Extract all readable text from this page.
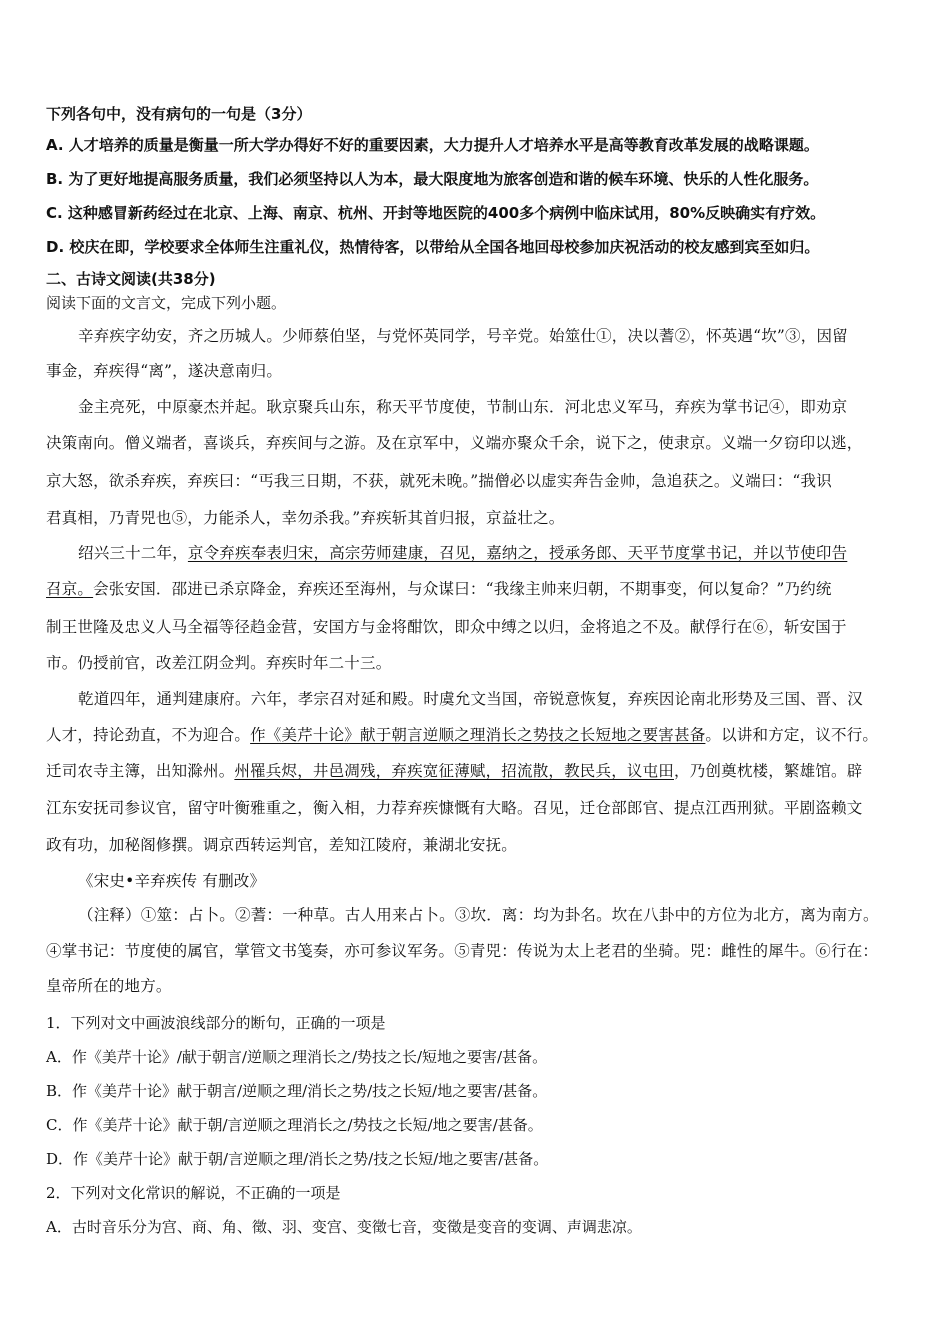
下列各句中，没有病句的一句是（3分）
A. 人才培养的质量是衡量一所大学办得好不好的重要因素，大力提升人才培养水平是高等教育改革发展的战略课题。
B. 为了更好地提高服务质量，我们必须坚持以人为本，最大限度地为旅客创造和谐的候车环境、快乐的人性化服务。
C. 这种感冒新药经过在北京、上海、南京、杭州、开封等地医院的400多个病例中临床试用，80%反映确实有疗效。
D. 校庆在即，学校要求全体师生注重礼仪，热情待客，以带给从全国各地回母校参加庆祝活动的校友感到宾至如归。
二、古诗文阅读(共38分)
阅读下面的文言文，完成下列小题。
辛弃疾字幼安，齐之历城人。少师蔡伯坚，与党怀英同学，号辛党。始筮仕①，决以蓍②，怀英遇“坎”③，因留
事金，弃疾得“离”，遂决意南归。
金主亮死，中原豪杰并起。耿京聚兵山东，称天平节度使，节制山东．河北忠义军马，弃疾为掌书记④，即劝京
决策南向。僧义端者，喜谈兵，弃疾间与之游。及在京军中，义端亦聚众千余，说下之，使隶京。义端一夕窃印以逃，
京大怒，欲杀弃疾，弃疾曰：“丐我三日期，不获，就死未晚。”揣僧必以虚实奔告金帅，急追获之。义端曰：“我识
君真相，乃青兕也⑤，力能杀人，幸勿杀我。”弃疾斩其首归报，京益壮之。
绍兴三十二年，京令弃疾奉表归宋，高宗劳师建康，召见，嘉纳之，授承务郎、天平节度掌书记，并以节使印告
召京。会张安国．邵进已杀京降金，弃疾还至海州，与众谋曰：“我缘主帅来归朝，不期事变，何以复命？”乃约统
制王世隆及忠义人马全福等径趋金营，安国方与金将酣饮，即众中缚之以归，金将追之不及。献俘行在⑥，斩安国于
市。仍授前官，改差江阴佥判。弃疾时年二十三。
乾道四年，通判建康府。六年，孝宗召对延和殿。时虞允文当国，帝锐意恢复，弃疾因论南北形势及三国、晋、汉
人才，持论劲直，不为迎合。作《美芹十论》献于朝言逆顺之理消长之势技之长短地之要害甚备。以讲和方定，议不行。
迁司农寺主簿，出知滁州。州罹兵烬，井邑凋残，弃疾宽征薄赋，招流散，教民兵，议屯田，乃创奠枕楼，繁雄馆。辟
江东安抚司参议官，留守叶衡雅重之，衡入相，力荐弃疾慷慨有大略。召见，迁仓部郎官、提点江西刑狱。平剧盗赖文
政有功，加秘阁修撰。调京西转运判官，差知江陵府，兼湖北安抚。
《宋史•辛弃疾传 有删改》
（注释）①筮：占卜。②蓍：一种草。古人用来占卜。③坎．离：均为卦名。坎在八卦中的方位为北方，离为南方。
④掌书记：节度使的属官，掌管文书笺奏，亦可参议军务。⑤青兕：传说为太上老君的坐骑。兕：雌性的犀牛。⑥行在：
皇帝所在的地方。
1．下列对文中画波浪线部分的断句，正确的一项是
A．作《美芹十论》/献于朝言/逆顺之理消长之/势技之长/短地之要害/甚备。
B．作《美芹十论》献于朝言/逆顺之理/消长之势/技之长短/地之要害/甚备。
C．作《美芹十论》献于朝/言逆顺之理消长之/势技之长短/地之要害/甚备。
D．作《美芹十论》献于朝/言逆顺之理/消长之势/技之长短/地之要害/甚备。
2．下列对文化常识的解说，不正确的一项是
A．古时音乐分为宫、商、角、徵、羽、变宫、变徵七音，变徵是变音的变调、声调悲凉。
